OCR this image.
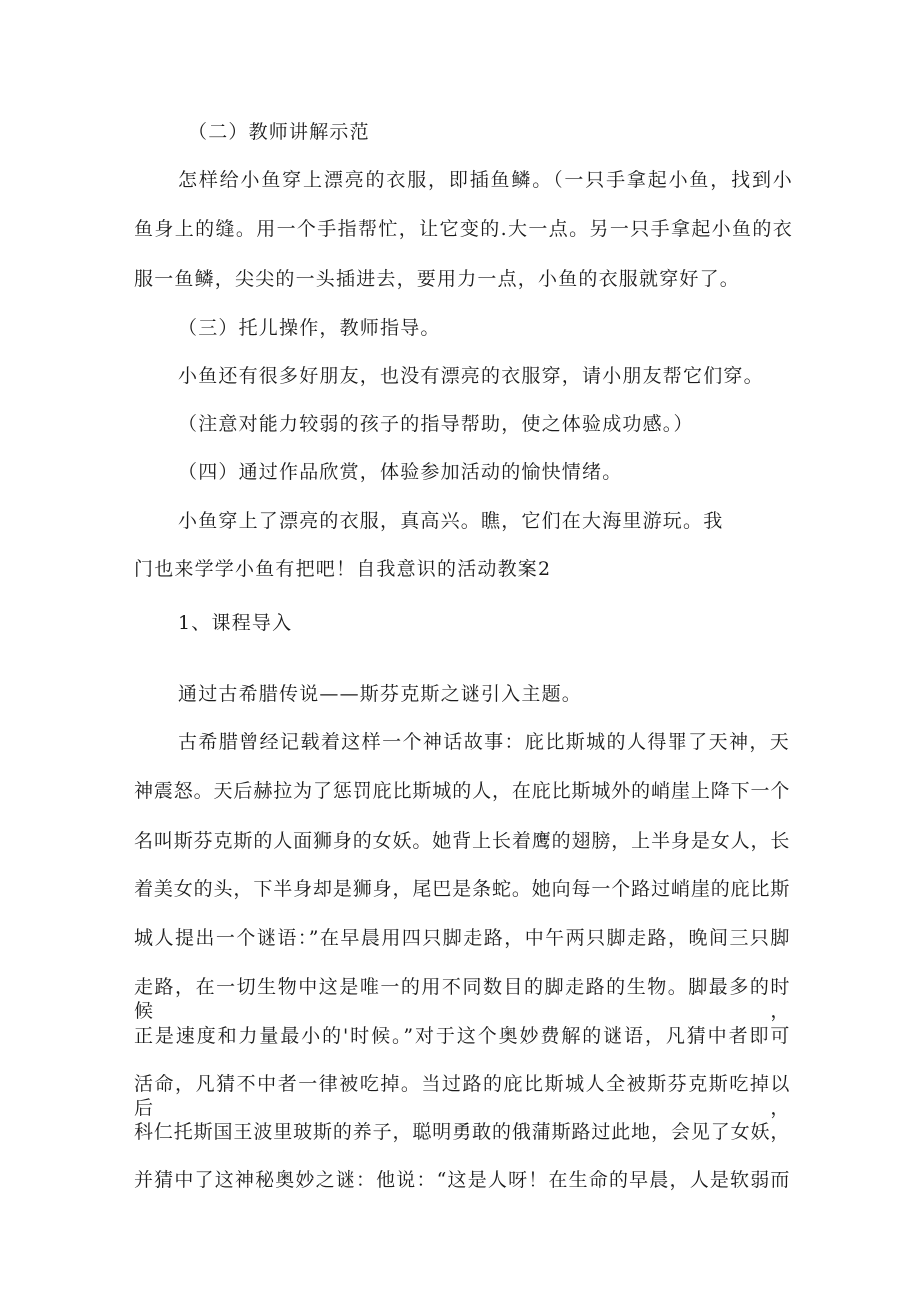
（二）教师讲解示范

怎样给小鱼穿上漂亮的衣服，即插鱼鳞。（一只手拿起小鱼，找到小

鱼身上的缝。用一个手指帮忙，让它变的.大一点。另一只手拿起小鱼的衣

服一鱼鳞，尖尖的一头插进去，要用力一点，小鱼的衣服就穿好了。

（三）托儿操作，教师指导。

小鱼还有很多好朋友，也没有漂亮的衣服穿，请小朋友帮它们穿。

（注意对能力较弱的孩子的指导帮助，使之体验成功感。）

（四）通过作品欣赏，体验参加活动的愉快情绪。

小鱼穿上了漂亮的衣服，真高兴。瞧，它们在大海里游玩。我

门也来学学小鱼有把吧！自我意识的活动教案2

1、课程导入

通过古希腊传说——斯芬克斯之谜引入主题。

古希腊曾经记载着这样一个神话故事：庇比斯城的人得罪了天神，天

神震怒。天后赫拉为了惩罚庇比斯城的人，在庇比斯城外的峭崖上降下一个

名叫斯芬克斯的人面狮身的女妖。她背上长着鹰的翅膀，上半身是女人，长

着美女的头，下半身却是狮身，尾巴是条蛇。她向每一个路过峭崖的庇比斯

城人提出一个谜语：”在早晨用四只脚走路，中午两只脚走路，晚间三只脚

走路，在一切生物中这是唯一的用不同数目的脚走路的生物。脚最多的时候，

正是速度和力量最小的'时候。”对于这个奥妙费解的谜语，凡猜中者即可

活命，凡猜不中者一律被吃掉。当过路的庇比斯城人全被斯芬克斯吃掉以后，

科仁托斯国王波里玻斯的养子，聪明勇敢的俄蒲斯路过此地，会见了女妖，

并猜中了这神秘奥妙之谜：他说：“这是人呀！在生命的早晨，人是软弱而
